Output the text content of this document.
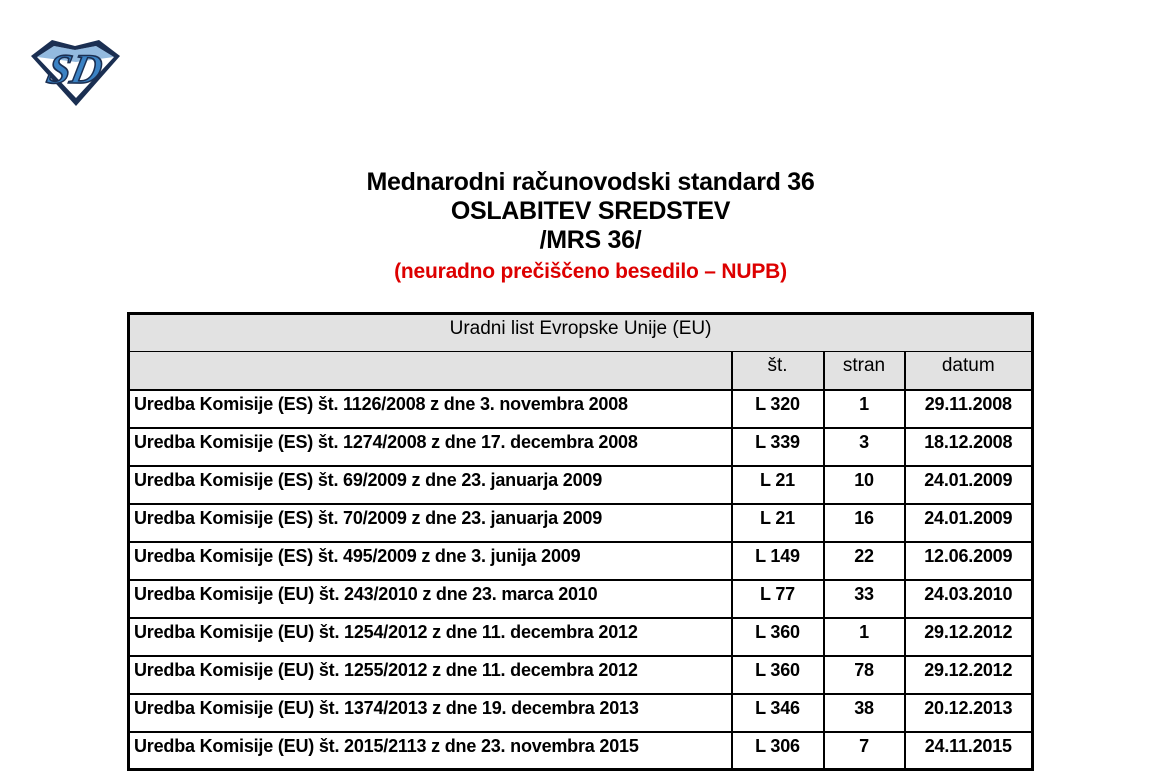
SD
Mednarodni računovodski standard 36
OSLABITEV SREDSTEV
/MRS 36/
(neuradno prečiščeno besedilo – NUPB)
Uradni list Evropske Unije (EU)			
	št.	stran	datum
Uredba Komisije (ES) št. 1126/2008 z dne 3. novembra 2008	L 320	1	29.11.2008
Uredba Komisije (ES) št. 1274/2008 z dne 17. decembra 2008	L 339	3	18.12.2008
Uredba Komisije (ES) št. 69/2009 z dne 23. januarja 2009	L 21	10	24.01.2009
Uredba Komisije (ES) št. 70/2009 z dne 23. januarja 2009	L 21	16	24.01.2009
Uredba Komisije (ES) št. 495/2009 z dne 3. junija 2009	L 149	22	12.06.2009
Uredba Komisije (EU) št. 243/2010 z dne 23. marca 2010	L 77	33	24.03.2010
Uredba Komisije (EU) št. 1254/2012 z dne 11. decembra 2012	L 360	1	29.12.2012
Uredba Komisije (EU) št. 1255/2012 z dne 11. decembra 2012	L 360	78	29.12.2012
Uredba Komisije (EU) št. 1374/2013 z dne 19. decembra 2013	L 346	38	20.12.2013
Uredba Komisije (EU) št. 2015/2113 z dne 23. novembra 2015	L 306	7	24.11.2015
